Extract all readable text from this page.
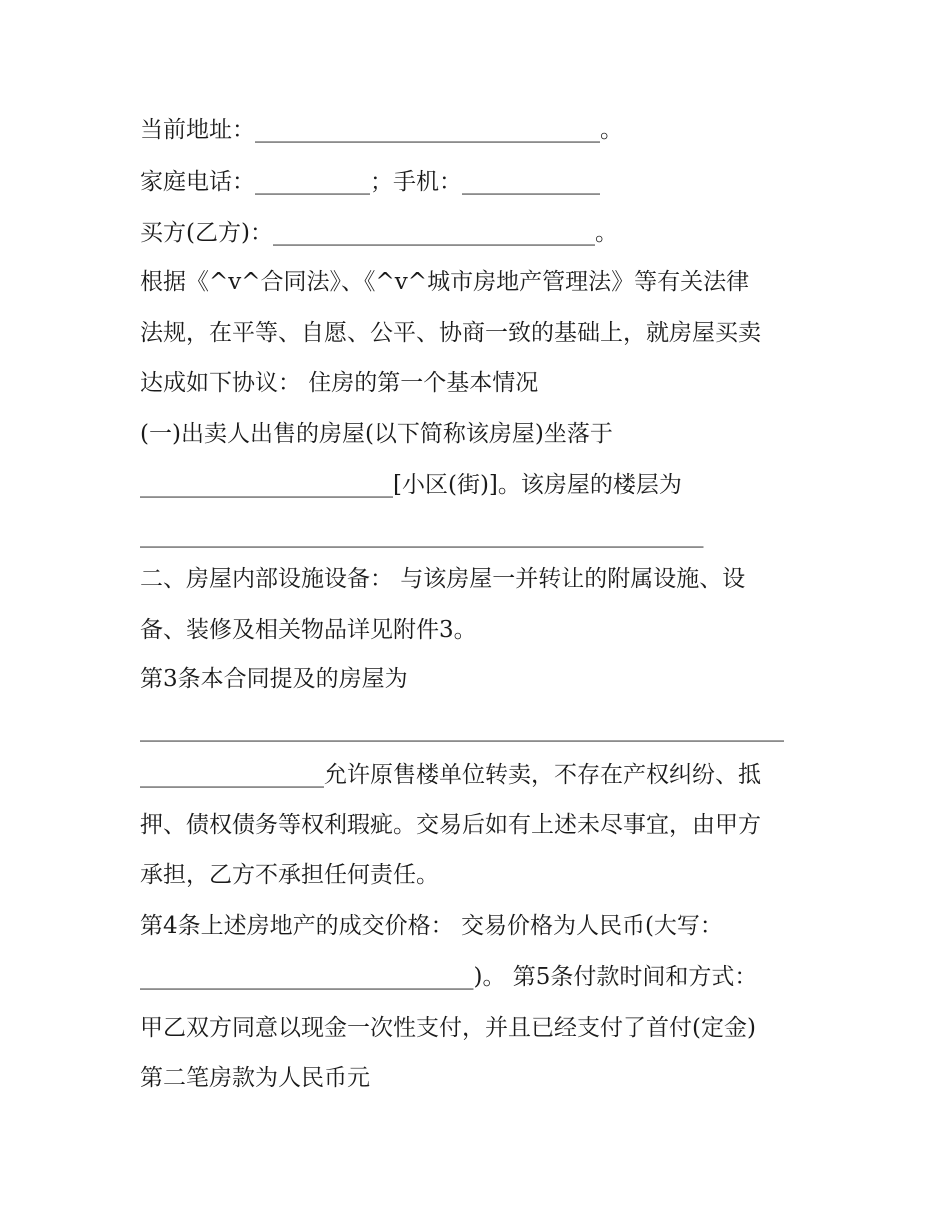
当前地址：______________________________。

家庭电话：__________；手机：____________

买方(乙方)：____________________________。

根据《^v^合同法》、《^v^城市房地产管理法》等有关法律

法规，在平等、自愿、公平、协商一致的基础上，就房屋买卖

达成如下协议： 住房的第一个基本情况

(一)出卖人出售的房屋(以下简称该房屋)坐落于

______________________[小区(街)]。该房屋的楼层为

_________________________________________________

二、房屋内部设施设备： 与该房屋一并转让的附属设施、设

备、装修及相关物品详见附件3。

第3条本合同提及的房屋为

________________________________________________________

________________允许原售楼单位转卖，不存在产权纠纷、抵

押、债权债务等权利瑕疵。交易后如有上述未尽事宜，由甲方

承担，乙方不承担任何责任。

第4条上述房地产的成交价格： 交易价格为人民币(大写：

_____________________________)。 第5条付款时间和方式：

甲乙双方同意以现金一次性支付，并且已经支付了首付(定金)

第二笔房款为人民币元
